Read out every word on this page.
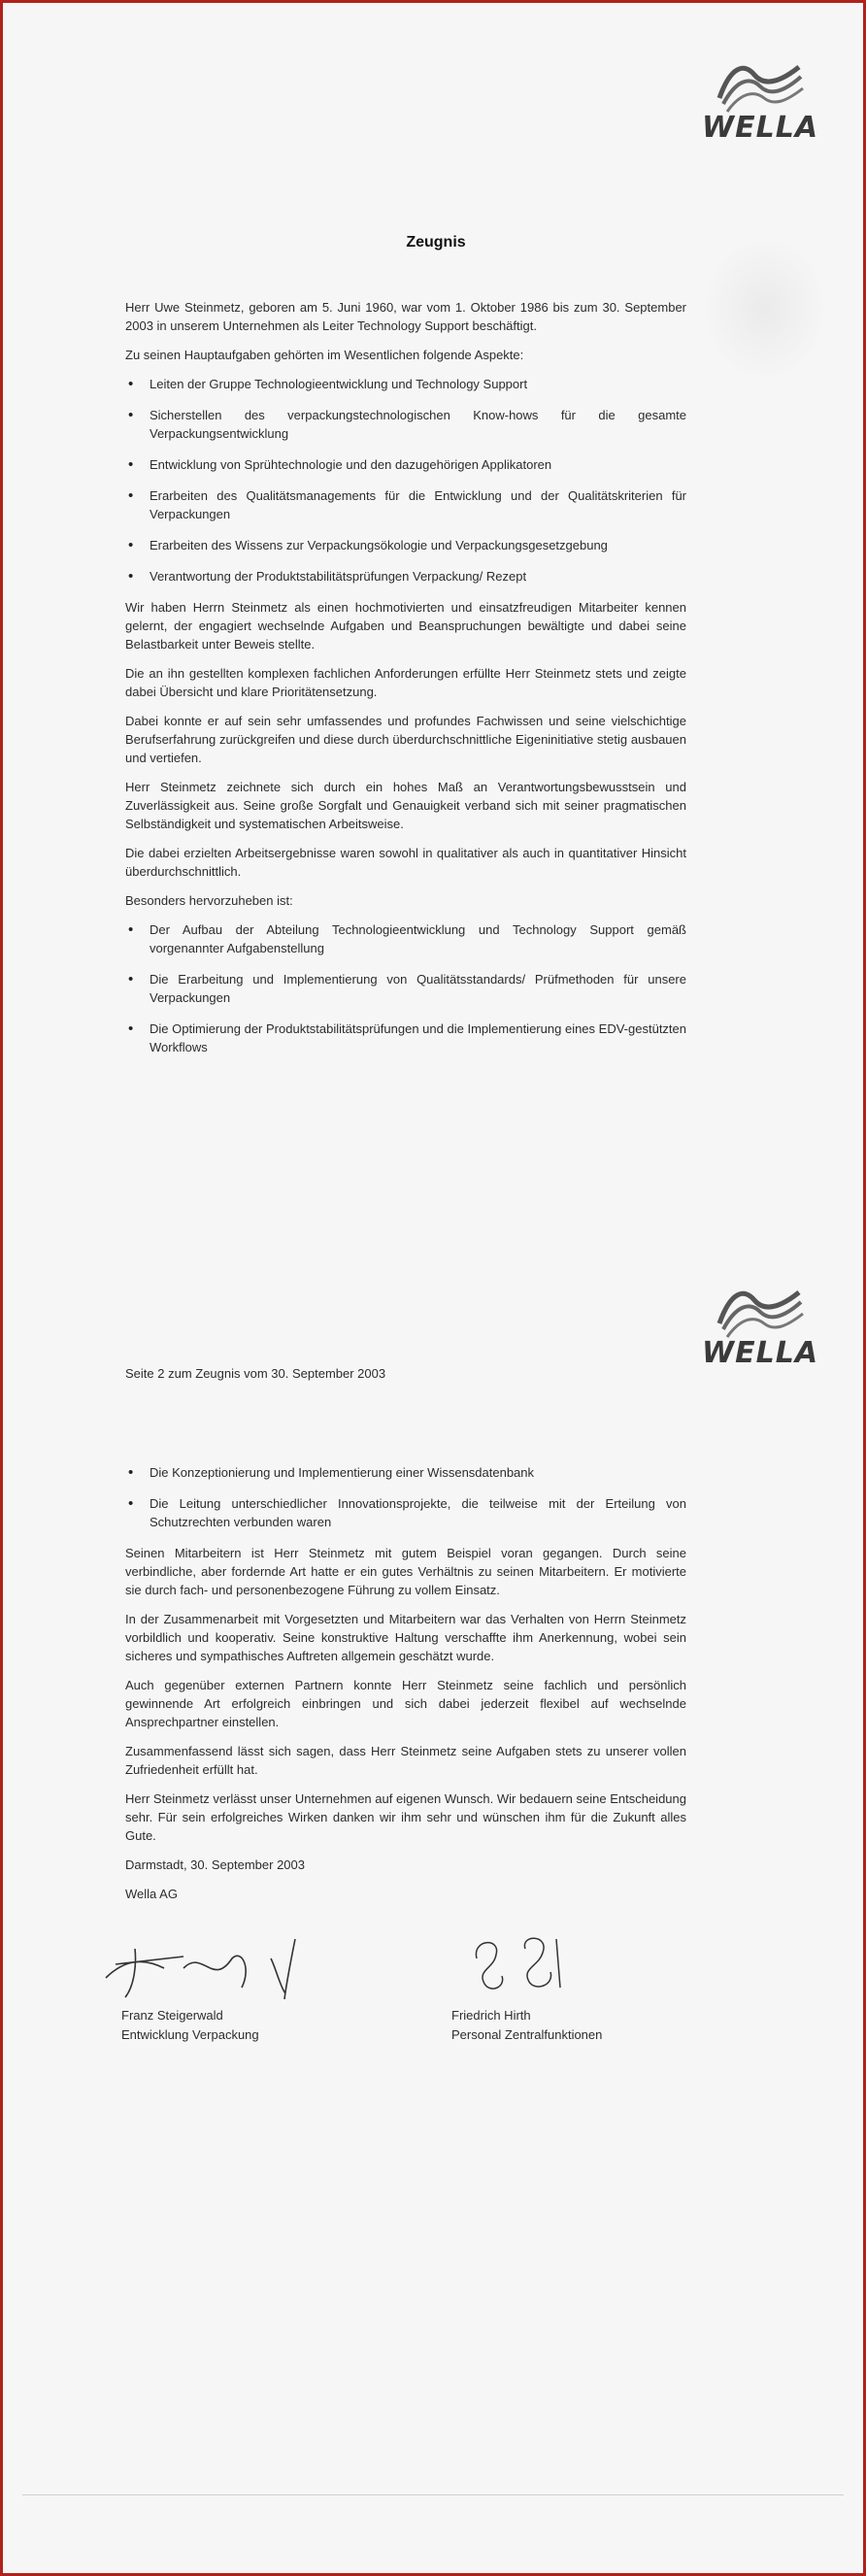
WELLA
Zeugnis

Herr Uwe Steinmetz, geboren am 5. Juni 1960, war vom 1. Oktober 1986 bis zum 30. September 2003 in unserem Unternehmen als Leiter Technology Support beschäftigt.

Zu seinen Hauptaufgaben gehörten im Wesentlichen folgende Aspekte:

• Leiten der Gruppe Technologieentwicklung und Technology Support
• Sicherstellen des verpackungstechnologischen Know-hows für die gesamte Verpackungsentwicklung
• Entwicklung von Sprühtechnologie und den dazugehörigen Applikatoren
• Erarbeiten des Qualitätsmanagements für die Entwicklung und der Qualitätskriterien für Verpackungen
• Erarbeiten des Wissens zur Verpackungsökologie und Verpackungsgesetzgebung
• Verantwortung der Produktstabilitätsprüfungen Verpackung/ Rezept

Wir haben Herrn Steinmetz als einen hochmotivierten und einsatzfreudigen Mitarbeiter kennen gelernt, der engagiert wechselnde Aufgaben und Beanspruchungen bewältigte und dabei seine Belastbarkeit unter Beweis stellte.

Die an ihn gestellten komplexen fachlichen Anforderungen erfüllte Herr Steinmetz stets und zeigte dabei Übersicht und klare Prioritätensetzung.

Dabei konnte er auf sein sehr umfassendes und profundes Fachwissen und seine vielschichtige Berufserfahrung zurückgreifen und diese durch überdurchschnittliche Eigeninitiative stetig ausbauen und vertiefen.

Herr Steinmetz zeichnete sich durch ein hohes Maß an Verantwortungsbewusstsein und Zuverlässigkeit aus. Seine große Sorgfalt und Genauigkeit verband sich mit seiner pragmatischen Selbständigkeit und systematischen Arbeitsweise.

Die dabei erzielten Arbeitsergebnisse waren sowohl in qualitativer als auch in quantitativer Hinsicht überdurchschnittlich.

Besonders hervorzuheben ist:

• Der Aufbau der Abteilung Technologieentwicklung und Technology Support gemäß vorgenannter Aufgabenstellung
• Die Erarbeitung und Implementierung von Qualitätsstandards/ Prüfmethoden für unsere Verpackungen
• Die Optimierung der Produktstabilitätsprüfungen und die Implementierung eines EDV-gestützten Workflows
WELLA
Seite 2 zum Zeugnis vom 30. September 2003
• Die Konzeptionierung und Implementierung einer Wissensdatenbank
• Die Leitung unterschiedlicher Innovationsprojekte, die teilweise mit der Erteilung von Schutzrechten verbunden waren

Seinen Mitarbeitern ist Herr Steinmetz mit gutem Beispiel voran gegangen. Durch seine verbindliche, aber fordernde Art hatte er ein gutes Verhältnis zu seinen Mitarbeitern. Er motivierte sie durch fach- und personenbezogene Führung zu vollem Einsatz.

In der Zusammenarbeit mit Vorgesetzten und Mitarbeitern war das Verhalten von Herrn Steinmetz vorbildlich und kooperativ. Seine konstruktive Haltung verschaffte ihm Anerkennung, wobei sein sicheres und sympathisches Auftreten allgemein geschätzt wurde.

Auch gegenüber externen Partnern konnte Herr Steinmetz seine fachlich und persönlich gewinnende Art erfolgreich einbringen und sich dabei jederzeit flexibel auf wechselnde Ansprechpartner einstellen.

Zusammenfassend lässt sich sagen, dass Herr Steinmetz seine Aufgaben stets zu unserer vollen Zufriedenheit erfüllt hat.

Herr Steinmetz verlässt unser Unternehmen auf eigenen Wunsch. Wir bedauern seine Entscheidung sehr. Für sein erfolgreiches Wirken danken wir ihm sehr und wünschen ihm für die Zukunft alles Gute.

Darmstadt, 30. September 2003

Wella AG

Franz Steigerwald
Entwicklung Verpackung
Friedrich Hirth
Personal Zentralfunktionen
